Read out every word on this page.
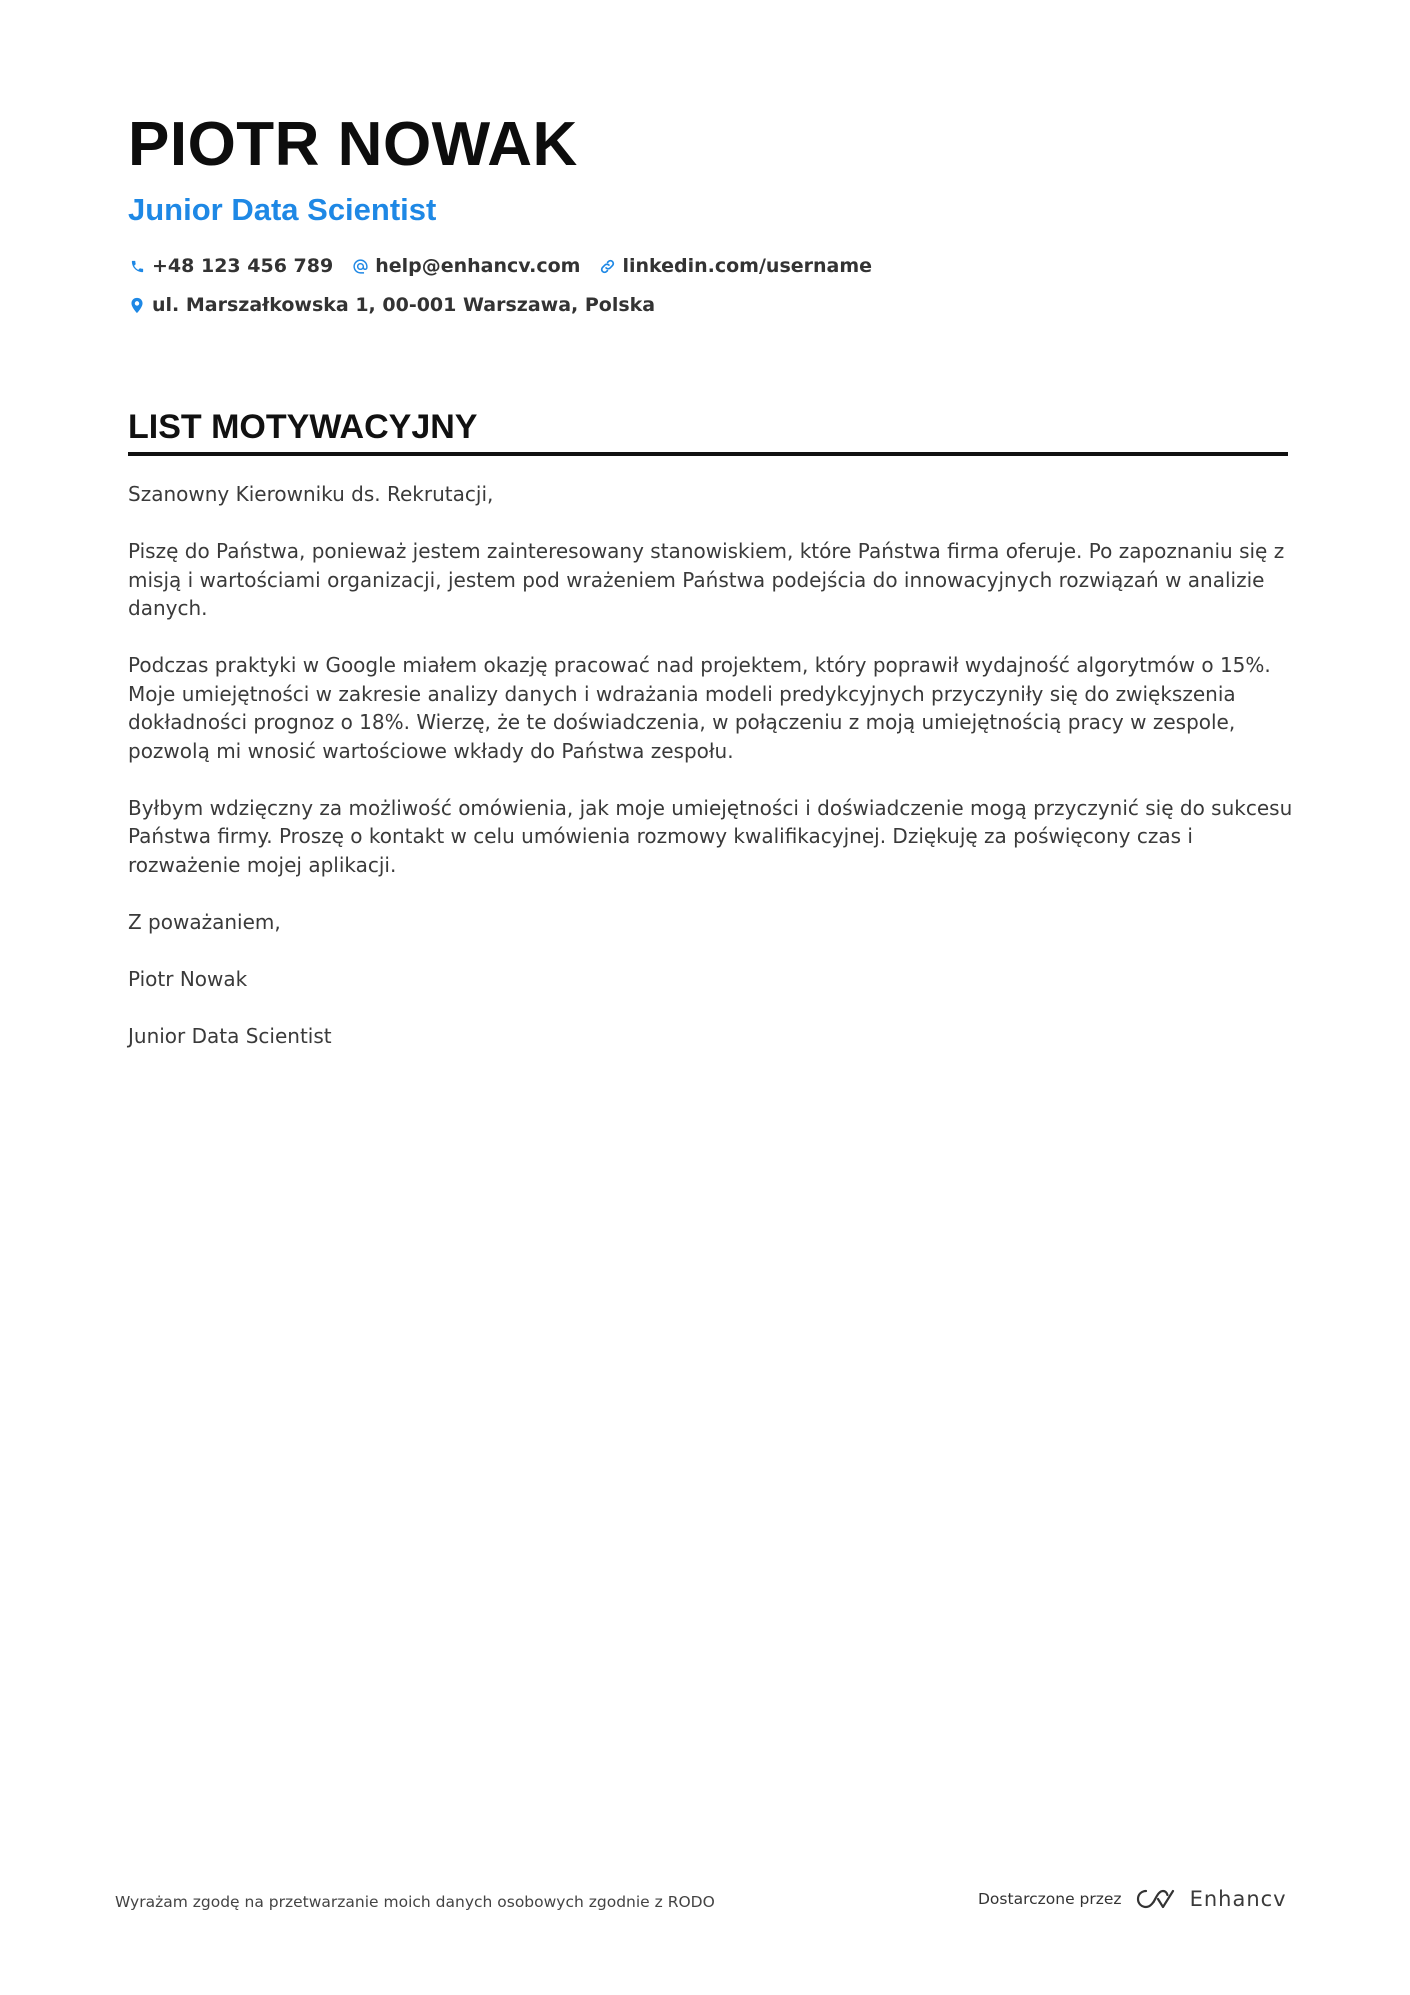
PIOTR NOWAK
Junior Data Scientist
+48 123 456 789 help@enhancv.com linkedin.com/username
ul. Marszałkowska 1, 00-001 Warszawa, Polska
LIST MOTYWACYJNY

Szanowny Kierowniku ds. Rekrutacji,

Piszę do Państwa, ponieważ jestem zainteresowany stanowiskiem, które Państwa firma oferuje. Po zapoznaniu się z misją i wartościami organizacji, jestem pod wrażeniem Państwa podejścia do innowacyjnych rozwiązań w analizie danych.

Podczas praktyki w Google miałem okazję pracować nad projektem, który poprawił wydajność algorytmów o 15%. Moje umiejętności w zakresie analizy danych i wdrażania modeli predykcyjnych przyczyniły się do zwiększenia dokładności prognoz o 18%. Wierzę, że te doświadczenia, w połączeniu z moją umiejętnością pracy w zespole, pozwolą mi wnosić wartościowe wkłady do Państwa zespołu.

Byłbym wdzięczny za możliwość omówienia, jak moje umiejętności i doświadczenie mogą przyczynić się do sukcesu Państwa firmy. Proszę o kontakt w celu umówienia rozmowy kwalifikacyjnej. Dziękuję za poświęcony czas i rozważenie mojej aplikacji.

Z poważaniem,

Piotr Nowak

Junior Data Scientist

Wyrażam zgodę na przetwarzanie moich danych osobowych zgodnie z RODO	Dostarczone przez	Enhancv
